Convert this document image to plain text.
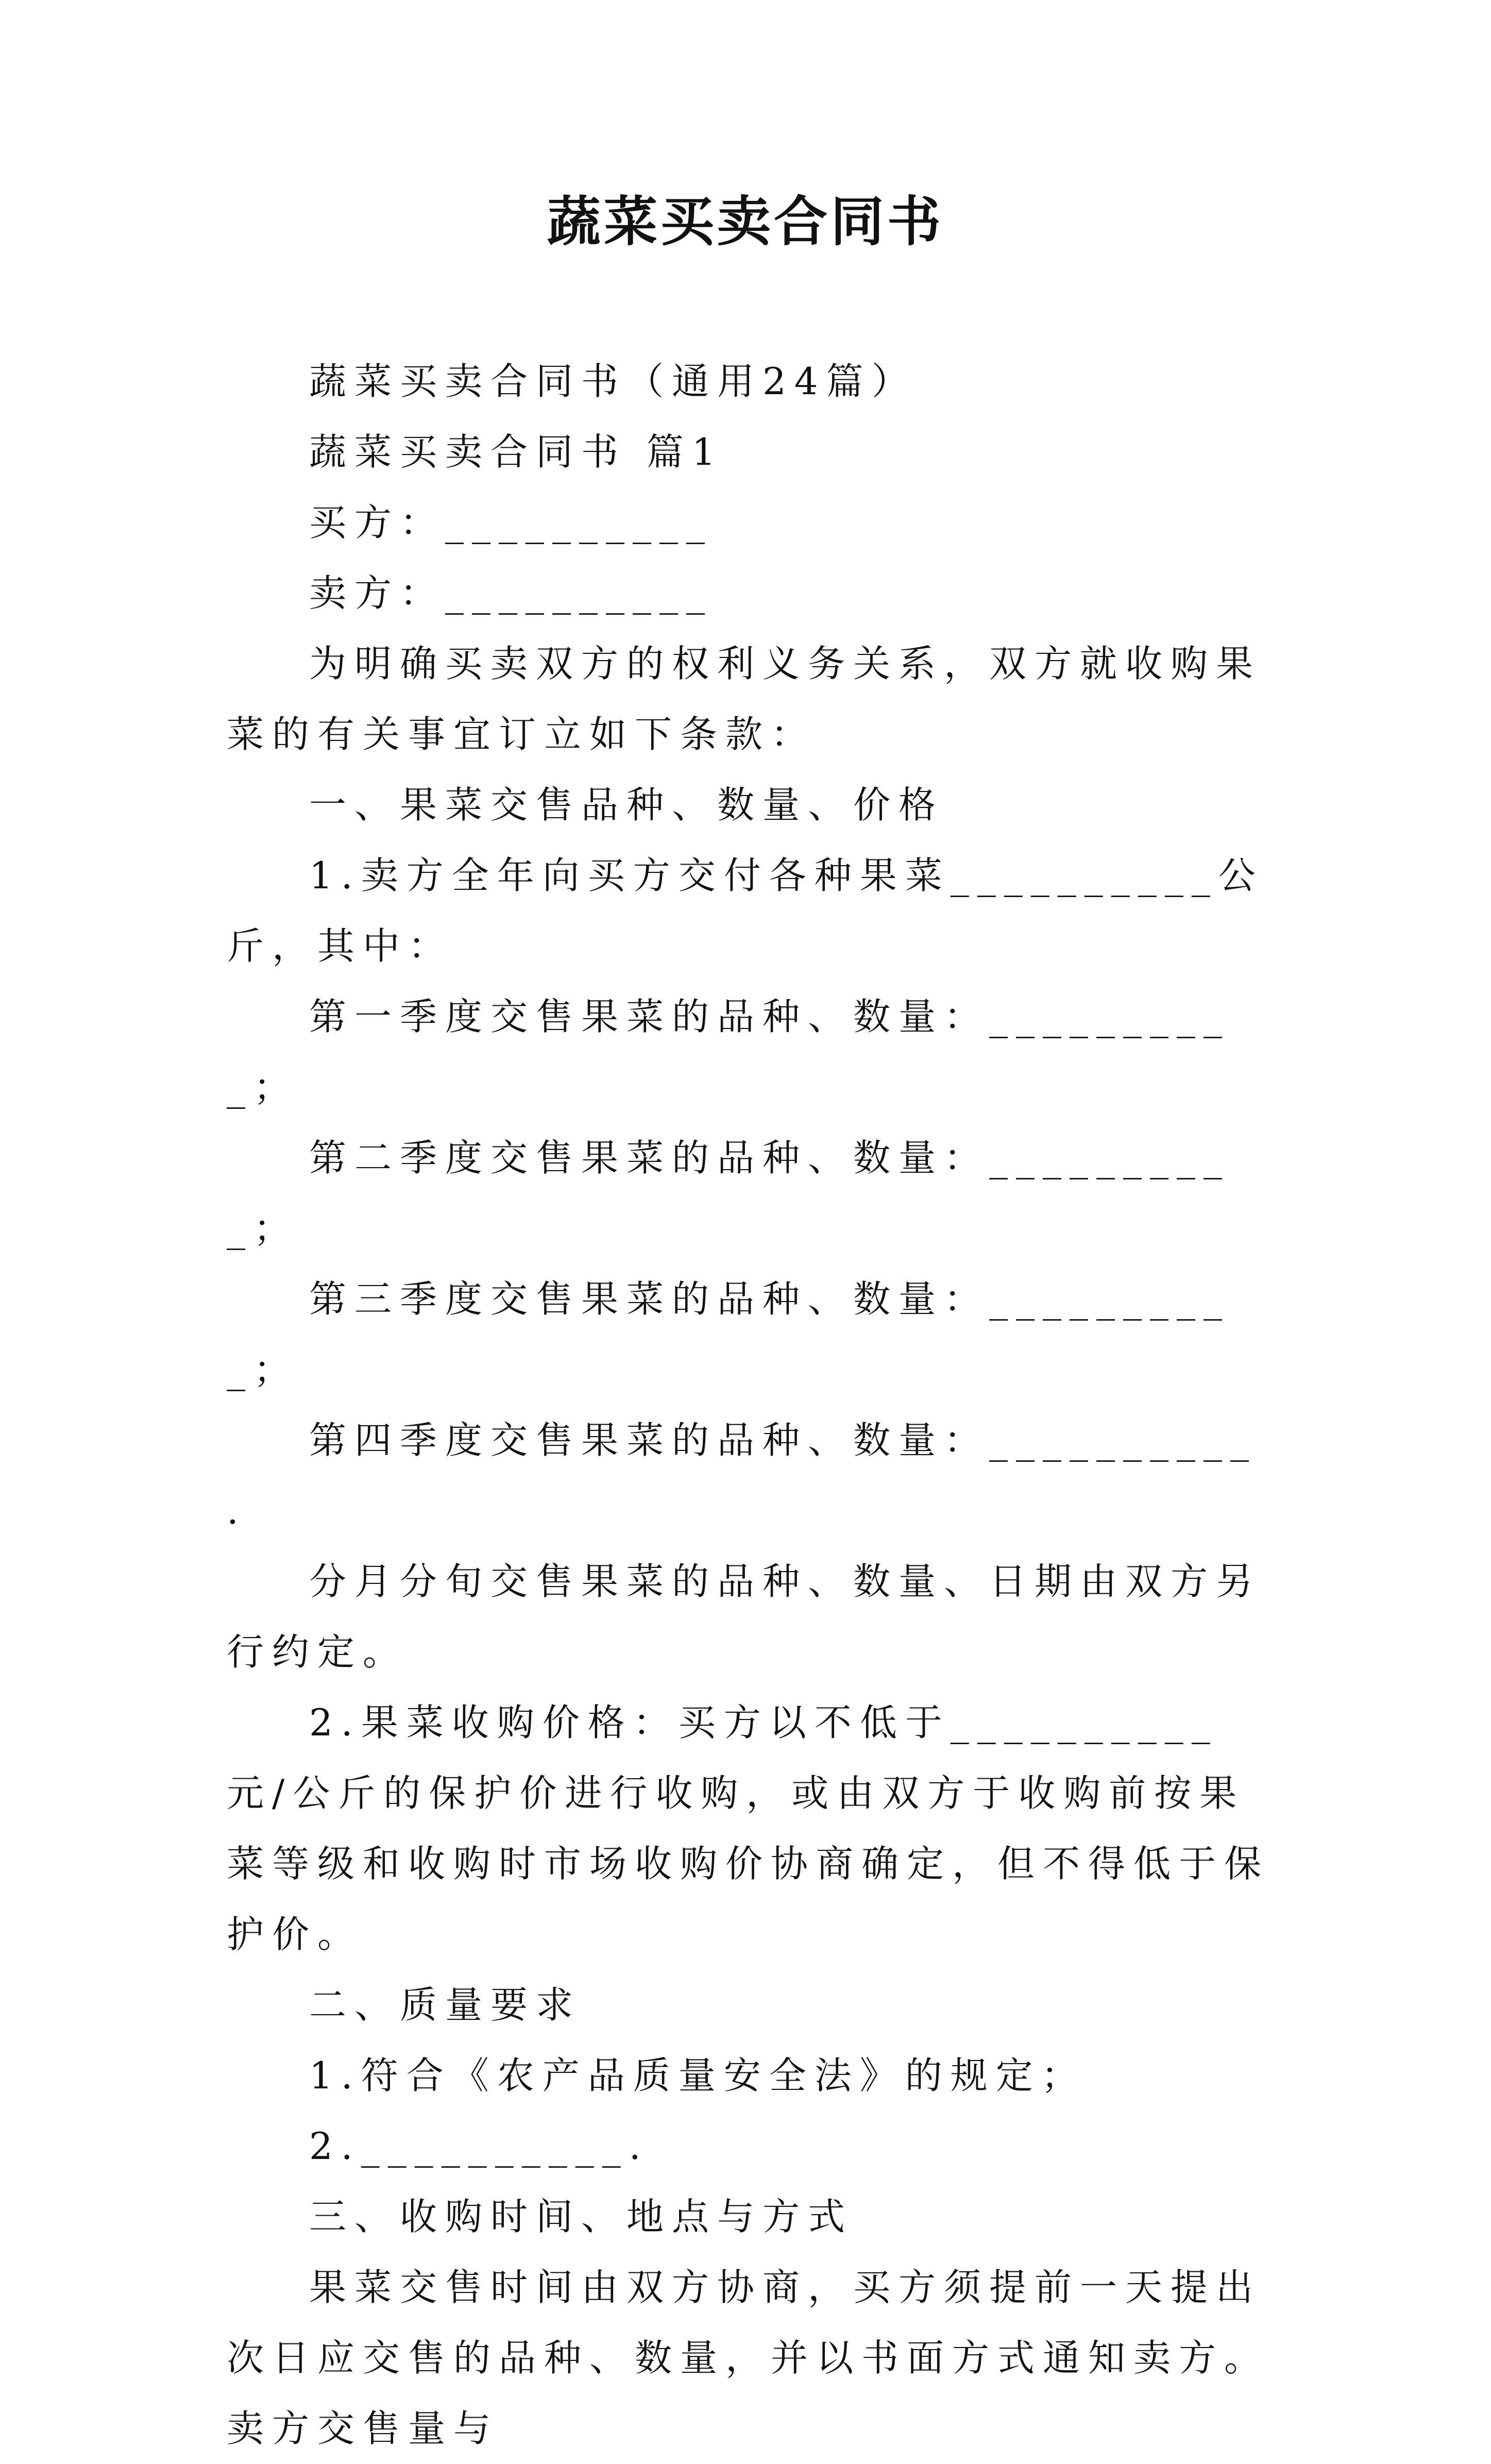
蔬菜买卖合同书

蔬菜买卖合同书（通用24篇）

蔬菜买卖合同书 篇1

买方：__________

卖方：__________

为明确买卖双方的权利义务关系，双方就收购果菜的有关事宜订立如下条款：

一、果菜交售品种、数量、价格

1.卖方全年向买方交付各种果菜__________公斤，其中：

第一季度交售果菜的品种、数量：__________；

第二季度交售果菜的品种、数量：__________；

第三季度交售果菜的品种、数量：__________；

第四季度交售果菜的品种、数量：__________ .

分月分旬交售果菜的品种、数量、日期由双方另行约定。

2.果菜收购价格：买方以不低于__________元/公斤的保护价进行收购，或由双方于收购前按果菜等级和收购时市场收购价协商确定，但不得低于保护价。

二、质量要求

1.符合《农产品质量安全法》的规定；

2.__________.

三、收购时间、地点与方式

果菜交售时间由双方协商，买方须提前一天提出次日应交售的品种、数量，并以书面方式通知卖方。卖方交售量与
